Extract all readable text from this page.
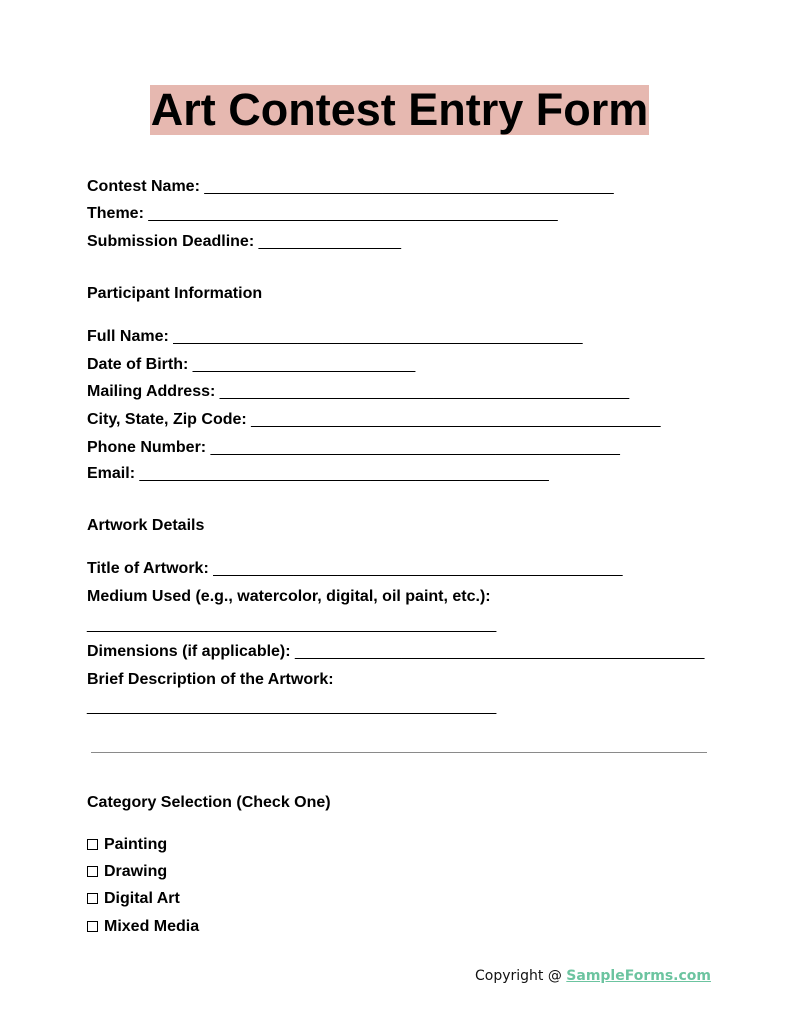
Art Contest Entry Form
Contest Name: ______________________________________________
Theme: ______________________________________________
Submission Deadline: ________________
Participant Information
Full Name: ______________________________________________
Date of Birth: _________________________
Mailing Address: ______________________________________________
City, State, Zip Code: ______________________________________________
Phone Number: ______________________________________________
Email: ______________________________________________
Artwork Details
Title of Artwork: ______________________________________________
Medium Used (e.g., watercolor, digital, oil paint, etc.):
______________________________________________
Dimensions (if applicable): ______________________________________________
Brief Description of the Artwork:
______________________________________________
Category Selection (Check One)
Painting
Drawing
Digital Art
Mixed Media
Copyright @ SampleForms.com
